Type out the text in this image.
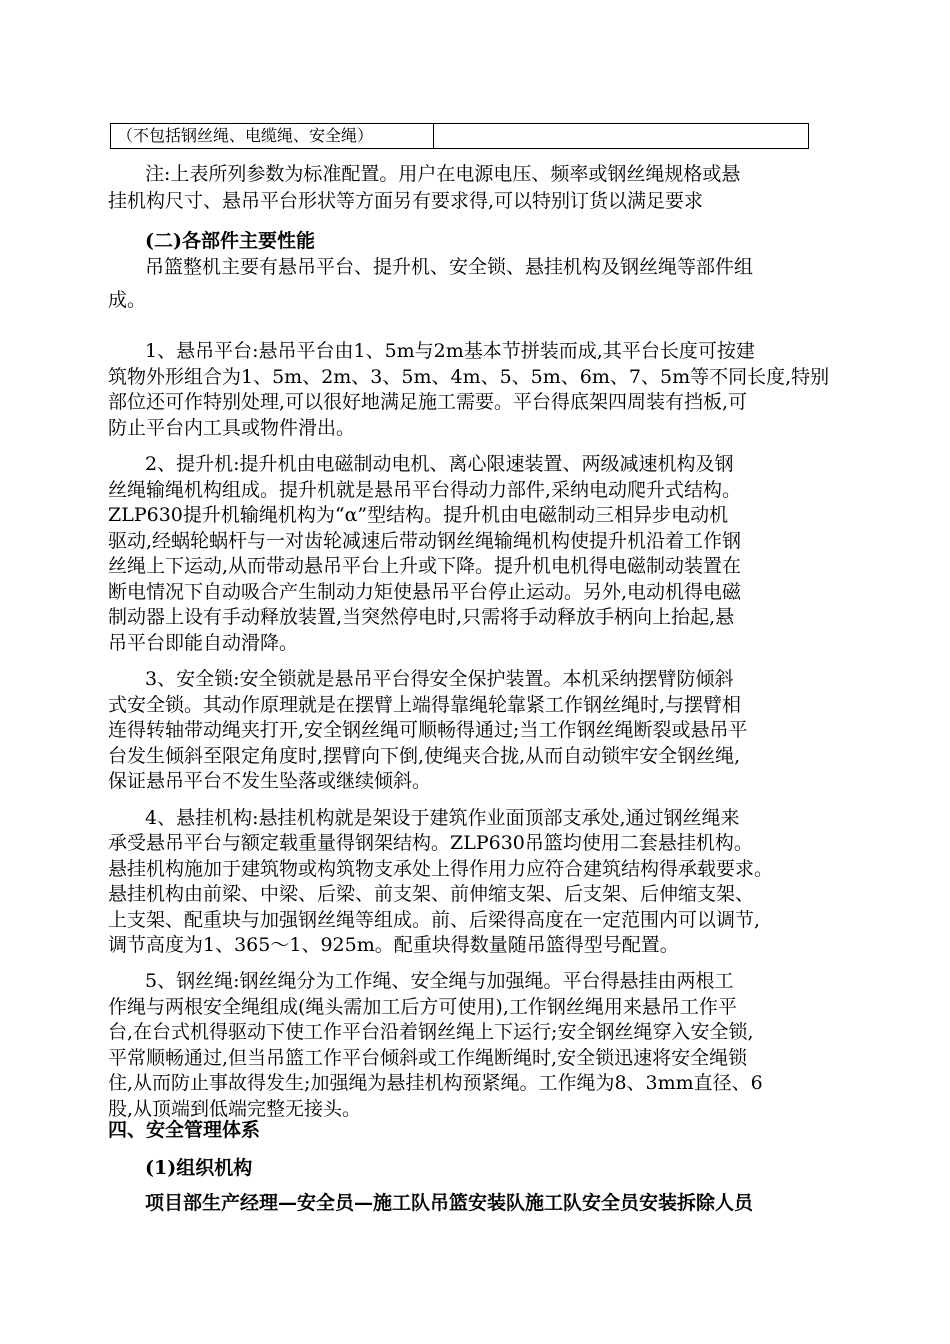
（不包括钢丝绳、电缆绳、安全绳）
注:上表所列参数为标准配置。用户在电源电压、频率或钢丝绳规格或悬
挂机构尺寸、悬吊平台形状等方面另有要求得,可以特别订货以满足要求
(二)各部件主要性能
吊篮整机主要有悬吊平台、提升机、安全锁、悬挂机构及钢丝绳等部件组
成。
1、悬吊平台:悬吊平台由1、5m与2m基本节拼装而成,其平台长度可按建
筑物外形组合为1、5m、2m、3、5m、4m、5、5m、6m、7、5m等不同长度,特别
部位还可作特别处理,可以很好地满足施工需要。平台得底架四周装有挡板,可
防止平台内工具或物件滑出。
2、提升机:提升机由电磁制动电机、离心限速装置、两级减速机构及钢
丝绳输绳机构组成。提升机就是悬吊平台得动力部件,采纳电动爬升式结构。
ZLP630提升机输绳机构为“α”型结构。提升机由电磁制动三相异步电动机
驱动,经蜗轮蜗杆与一对齿轮减速后带动钢丝绳输绳机构使提升机沿着工作钢
丝绳上下运动,从而带动悬吊平台上升或下降。提升机电机得电磁制动装置在
断电情况下自动吸合产生制动力矩使悬吊平台停止运动。另外,电动机得电磁
制动器上设有手动释放装置,当突然停电时,只需将手动释放手柄向上抬起,悬
吊平台即能自动滑降。
3、安全锁:安全锁就是悬吊平台得安全保护装置。本机采纳摆臂防倾斜
式安全锁。其动作原理就是在摆臂上端得靠绳轮靠紧工作钢丝绳时,与摆臂相
连得转轴带动绳夹打开,安全钢丝绳可顺畅得通过;当工作钢丝绳断裂或悬吊平
台发生倾斜至限定角度时,摆臂向下倒,使绳夹合拢,从而自动锁牢安全钢丝绳,
保证悬吊平台不发生坠落或继续倾斜。
4、悬挂机构:悬挂机构就是架设于建筑作业面顶部支承处,通过钢丝绳来
承受悬吊平台与额定载重量得钢架结构。ZLP630吊篮均使用二套悬挂机构。
悬挂机构施加于建筑物或构筑物支承处上得作用力应符合建筑结构得承载要求。
悬挂机构由前梁、中梁、后梁、前支架、前伸缩支架、后支架、后伸缩支架、
上支架、配重块与加强钢丝绳等组成。前、后梁得高度在一定范围内可以调节,
调节高度为1、365～1、925m。配重块得数量随吊篮得型号配置。
5、钢丝绳:钢丝绳分为工作绳、安全绳与加强绳。平台得悬挂由两根工
作绳与两根安全绳组成(绳头需加工后方可使用),工作钢丝绳用来悬吊工作平
台,在台式机得驱动下使工作平台沿着钢丝绳上下运行;安全钢丝绳穿入安全锁,
平常顺畅通过,但当吊篮工作平台倾斜或工作绳断绳时,安全锁迅速将安全绳锁
住,从而防止事故得发生;加强绳为悬挂机构预紧绳。工作绳为8、3mm直径、6
股,从顶端到低端完整无接头。
四、安全管理体系
(1)组织机构
项目部生产经理—安全员—施工队吊篮安装队施工队安全员安装拆除人员
